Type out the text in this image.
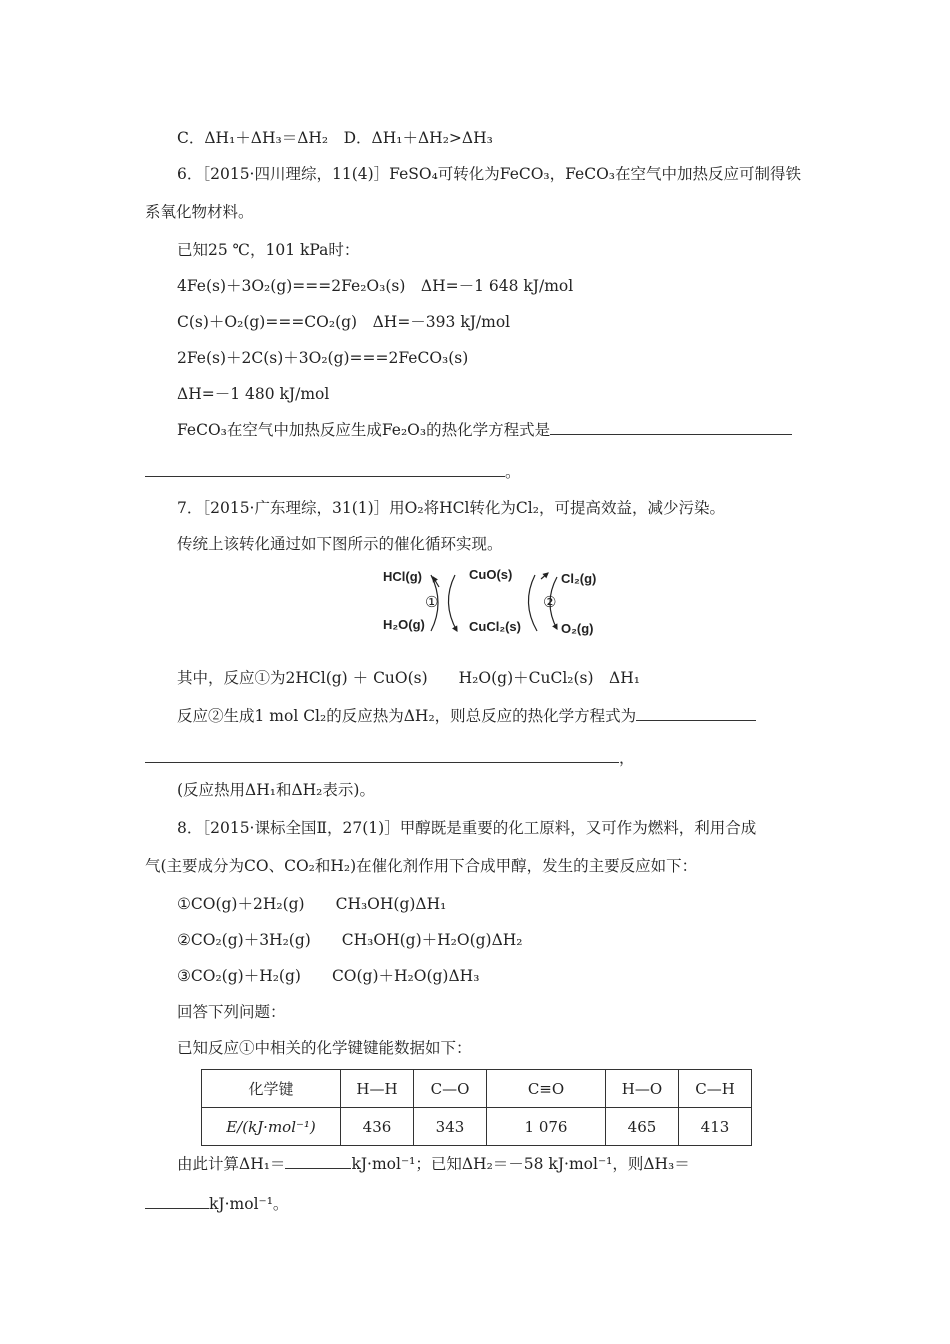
C．ΔH₁＋ΔH₃＝ΔH₂　D．ΔH₁＋ΔH₂>ΔH₃
6．［2015·四川理综，11(4)］FeSO₄可转化为FeCO₃，FeCO₃在空气中加热反应可制得铁
系氧化物材料。
已知25 ℃，101 kPa时：
4Fe(s)＋3O₂(g)===2Fe₂O₃(s)　ΔH=－1 648 kJ/mol
C(s)＋O₂(g)===CO₂(g)　ΔH=－393 kJ/mol
2Fe(s)＋2C(s)＋3O₂(g)===2FeCO₃(s)
ΔH=－1 480 kJ/mol
FeCO₃在空气中加热反应生成Fe₂O₃的热化学方程式是
。
7．［2015·广东理综，31(1)］用O₂将HCl转化为Cl₂，可提高效益，减少污染。
传统上该转化通过如下图所示的催化循环实现。
HCl(g)
H₂O(g)
CuO(s)
CuCl₂(s)
Cl₂(g)
O₂(g)
①	②
其中，反应①为2HCl(g) ＋ CuO(s)　　H₂O(g)＋CuCl₂(s)　ΔH₁
反应②生成1 mol Cl₂的反应热为ΔH₂，则总反应的热化学方程式为
，
(反应热用ΔH₁和ΔH₂表示)。
8．［2015·课标全国Ⅱ，27(1)］甲醇既是重要的化工原料，又可作为燃料，利用合成
气(主要成分为CO、CO₂和H₂)在催化剂作用下合成甲醇，发生的主要反应如下：
①CO(g)＋2H₂(g)　　CH₃OH(g)ΔH₁
②CO₂(g)＋3H₂(g)　　CH₃OH(g)＋H₂O(g)ΔH₂
③CO₂(g)＋H₂(g)　　CO(g)＋H₂O(g)ΔH₃
回答下列问题：
已知反应①中相关的化学键键能数据如下：
化学键	H—H	C—O	C≡O	H—O	C—H
E/(kJ·mol⁻¹)	436	343	1 076	465	413
由此计算ΔH₁＝	kJ·mol⁻¹；已知ΔH₂＝－58 kJ·mol⁻¹，则ΔH₃＝
kJ·mol⁻¹。
